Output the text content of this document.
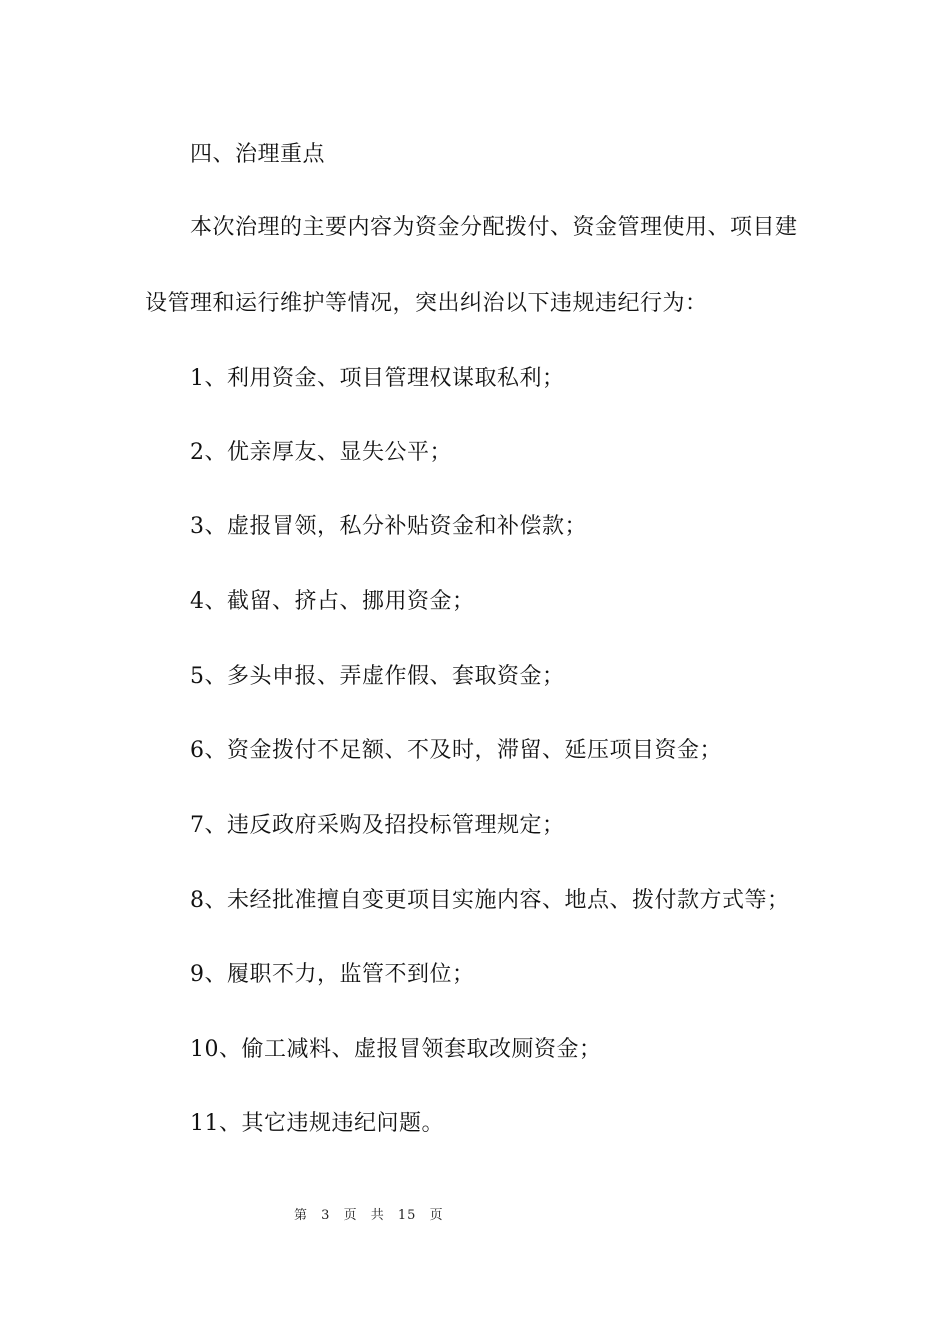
四、治理重点
本次治理的主要内容为资金分配拨付、资金管理使用、项目建
设管理和运行维护等情况，突出纠治以下违规违纪行为：
1、利用资金、项目管理权谋取私利；
2、优亲厚友、显失公平；
3、虚报冒领，私分补贴资金和补偿款；
4、截留、挤占、挪用资金；
5、多头申报、弄虚作假、套取资金；
6、资金拨付不足额、不及时，滞留、延压项目资金；
7、违反政府采购及招投标管理规定；
8、未经批准擅自变更项目实施内容、地点、拨付款方式等；
9、履职不力，监管不到位；
10、偷工减料、虚报冒领套取改厕资金；
11、其它违规违纪问题。
第 3 页 共 15 页
